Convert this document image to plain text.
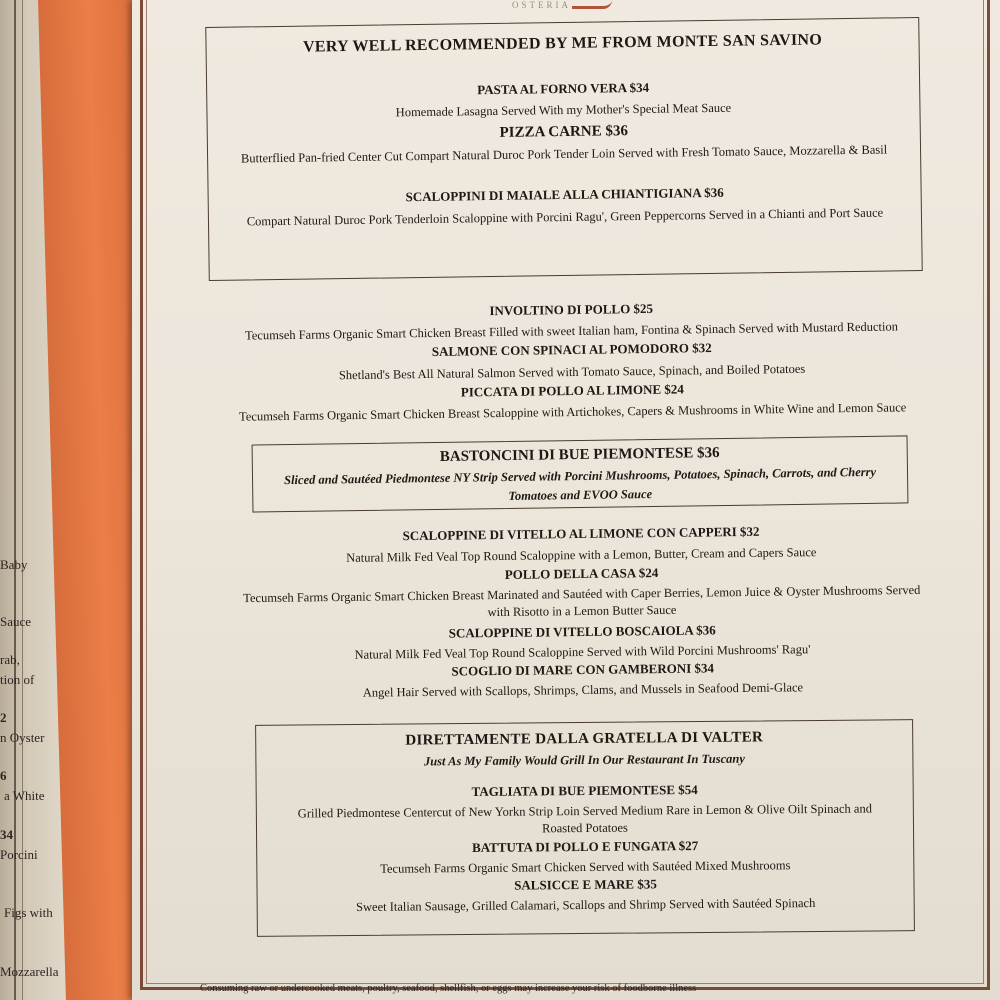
Baby
Sauce
rab,
tion of
2
n Oyster
6
a White
34
Porcini
Figs with
Mozzarella
OSTERIA
VERY WELL RECOMMENDED BY ME FROM MONTE SAN SAVINO
PASTA AL FORNO VERA $34
Homemade Lasagna Served With my Mother's Special Meat Sauce
PIZZA CARNE $36
Butterflied Pan-fried Center Cut Compart Natural Duroc Pork Tender Loin Served with Fresh Tomato Sauce, Mozzarella & Basil
SCALOPPINI DI MAIALE ALLA CHIANTIGIANA $36
Compart Natural Duroc Pork Tenderloin Scaloppine with Porcini Ragu', Green Peppercorns Served in a Chianti and Port Sauce
INVOLTINO DI POLLO $25
Tecumseh Farms Organic Smart Chicken Breast Filled with sweet Italian ham, Fontina & Spinach Served with Mustard Reduction
SALMONE CON SPINACI AL POMODORO $32
Shetland's Best All Natural Salmon Served with Tomato Sauce, Spinach, and Boiled Potatoes
PICCATA DI POLLO AL LIMONE $24
Tecumseh Farms Organic Smart Chicken Breast Scaloppine with Artichokes, Capers & Mushrooms in White Wine and Lemon Sauce
BASTONCINI DI BUE PIEMONTESE $36
Sliced and Sautéed Piedmontese NY Strip Served with Porcini Mushrooms, Potatoes, Spinach, Carrots, and Cherry Tomatoes and EVOO Sauce
SCALOPPINE DI VITELLO AL LIMONE CON CAPPERI $32
Natural Milk Fed Veal Top Round Scaloppine with a Lemon, Butter, Cream and Capers Sauce
POLLO DELLA CASA $24
Tecumseh Farms Organic Smart Chicken Breast Marinated and Sautéed with Caper Berries, Lemon Juice & Oyster Mushrooms Served with Risotto in a Lemon Butter Sauce
SCALOPPINE DI VITELLO BOSCAIOLA $36
Natural Milk Fed Veal Top Round Scaloppine Served with Wild Porcini Mushrooms' Ragu'
SCOGLIO DI MARE CON GAMBERONI $34
Angel Hair Served with Scallops, Shrimps, Clams, and Mussels in Seafood Demi-Glace
DIRETTAMENTE DALLA GRATELLA DI VALTER
Just As My Family Would Grill In Our Restaurant In Tuscany
TAGLIATA DI BUE PIEMONTESE $54
Grilled Piedmontese Centercut of New Yorkn Strip Loin Served Medium Rare in Lemon & Olive Oilt Spinach and Roasted Potatoes
BATTUTA DI POLLO E FUNGATA $27
Tecumseh Farms Organic Smart Chicken Served with Sautéed Mixed Mushrooms
SALSICCE E MARE $35
Sweet Italian Sausage, Grilled Calamari, Scallops and Shrimp Served with Sautéed Spinach
Consuming raw or undercooked meats, poultry, seafood, shellfish, or eggs may increase your risk of foodborne illness
